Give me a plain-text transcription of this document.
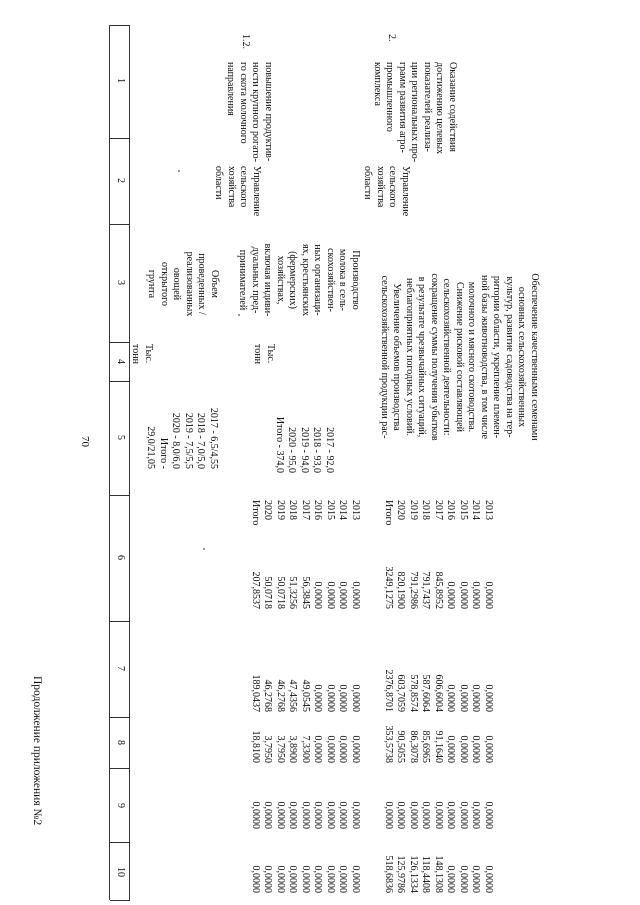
70
Продолжение приложения №2
1
2
3
4
5
6
7
8
9
10
Объем
проведенных /
реализованных
овощей
открытого
грунта
Тыс.
тонн
2017 - 6,5/4,55
2018 - 7,0/5,0
2019 - 7,5/5,5
2020 - 8,0/6,0
Итого -
29,0/21,05
1.2.
повышение продуктив-
ности крупного рогато-
го скота молочного
направления
Управление
сельского
хозяйства
области
Производство
молока в сель-
скохозяйствен-
ных организаци-
ях, крестьянских
(фермерских)
хозяйствах,
включая индиви-
дуальных пред-
принимателей
Тыс.
тонн
2017 - 92,0
2018 - 93,0
2019 - 94,0
2020 - 95,0
Итого - 374,0
2013
2014
2015
2016
2017
2018
2019
2020
Итого
0,0000
0,0000
0,0000
0,0000
56,3845
51,3256
50,0718
50,0718
207,8537
0,0000
0,0000
0,0000
0,0000
49,0545
47,4356
46,2768
46,2768
189,0437
0,0000
0,0000
0,0000
0,0000
7,3300
3,8900
3,7950
3,7950
18,8100
0,0000
0,0000
0,0000
0,0000
0,0000
0,0000
0,0000
0,0000
0,0000
0,0000
0,0000
0,0000
0,0000
0,0000
0,0000
0,0000
0,0000
0,0000
2.
Оказание содействия
достижению целевых
показателей реализа-
ции региональных про-
грамм развития агро-
промышленного
комплекса
Управление
сельского
хозяйства
области
Обеспечение качественными семенами
основных сельскохозяйственных
культур, развитие садоводства на тер-
ритории области, укрепление племен-
ной базы животноводства, в том числе
молочного и мясного скотоводства.
Снижение рисковой составляющей
сельскохозяйственной деятельности:
сокращение суммы получения убытков
в результате чрезвычайных ситуаций,
неблагоприятных погодных условий.
Увеличение объемов производства
сельскохозяйственной продукции рас-
2013
2014
2015
2016
2017
2018
2019
2020
Итого
0,0000
0,0000
0,0000
0,0000
845,8952
791,7437
791,2986
820,1900
3249,1275
0,0000
0,0000
0,0000
0,0000
606,6004
587,6064
578,8574
603,7059
2376,8701
0,0000
0,0000
0,0000
0,0000
91,1640
85,6965
86,3078
90,5055
353,5738
0,0000
0,0000
0,0000
0,0000
0,0000
0,0000
0,0000
0,0000
0,0000
0,0000
0,0000
0,0000
0,0000
148,1308
118,4408
126,1334
125,9786
518,6836
